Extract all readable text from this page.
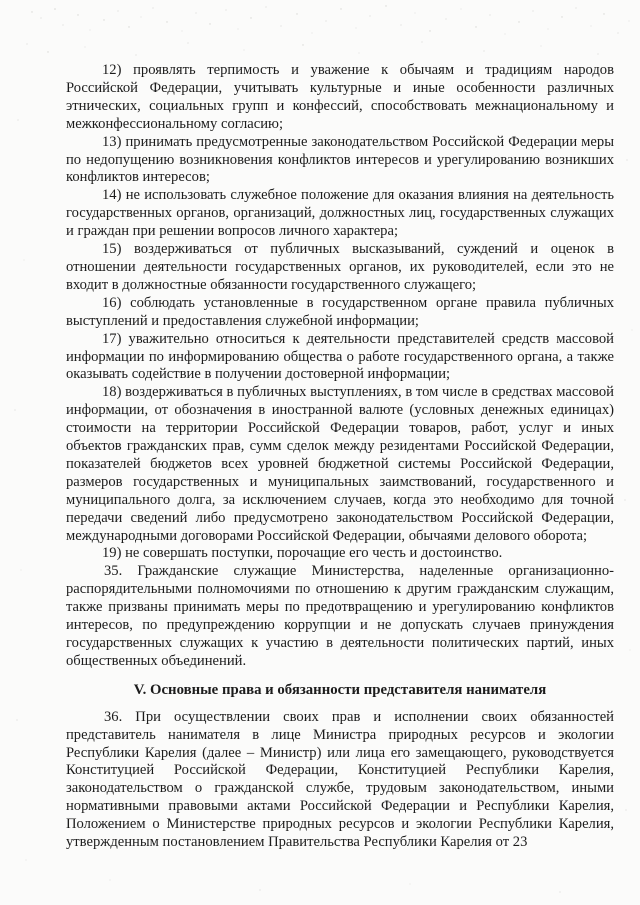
12) проявлять терпимость и уважение к обычаям и традициям народов Российской Федерации, учитывать культурные и иные особенности различных этнических, социальных групп и конфессий, способствовать межнациональному и межконфессиональному согласию;

13) принимать предусмотренные законодательством Российской Федерации меры по недопущению возникновения конфликтов интересов и урегулированию возникших конфликтов интересов;

14) не использовать служебное положение для оказания влияния на деятельность государственных органов, организаций, должностных лиц, государственных служащих и граждан при решении вопросов личного характера;

15) воздерживаться от публичных высказываний, суждений и оценок в отношении деятельности государственных органов, их руководителей, если это не входит в должностные обязанности государственного служащего;

16) соблюдать установленные в государственном органе правила публичных выступлений и предоставления служебной информации;

17) уважительно относиться к деятельности представителей средств массовой информации по информированию общества о работе государственного органа, а также оказывать содействие в получении достоверной информации;

18) воздерживаться в публичных выступлениях, в том числе в средствах массовой информации, от обозначения в иностранной валюте (условных денежных единицах) стоимости на территории Российской Федерации товаров, работ, услуг и иных объектов гражданских прав, сумм сделок между резидентами Российской Федерации, показателей бюджетов всех уровней бюджетной системы Российской Федерации, размеров государственных и муниципальных заимствований, государственного и муниципального долга, за исключением случаев, когда это необходимо для точной передачи сведений либо предусмотрено законодательством Российской Федерации, международными договорами Российской Федерации, обычаями делового оборота;

19) не совершать поступки, порочащие его честь и достоинство.

35. Гражданские служащие Министерства, наделенные организационно-распорядительными полномочиями по отношению к другим гражданским служащим, также призваны принимать меры по предотвращению и урегулированию конфликтов интересов, по предупреждению коррупции и не допускать случаев принуждения государственных служащих к участию в деятельности политических партий, иных общественных объединений.

V. Основные права и обязанности представителя нанимателя

36. При осуществлении своих прав и исполнении своих обязанностей представитель нанимателя в лице Министра природных ресурсов и экологии Республики Карелия (далее – Министр) или лица его замещающего, руководствуется Конституцией Российской Федерации, Конституцией Республики Карелия, законодательством о гражданской службе, трудовым законодательством, иными нормативными правовыми актами Российской Федерации и Республики Карелия, Положением о Министерстве природных ресурсов и экологии Республики Карелия, утвержденным постановлением Правительства Республики Карелия от 23
